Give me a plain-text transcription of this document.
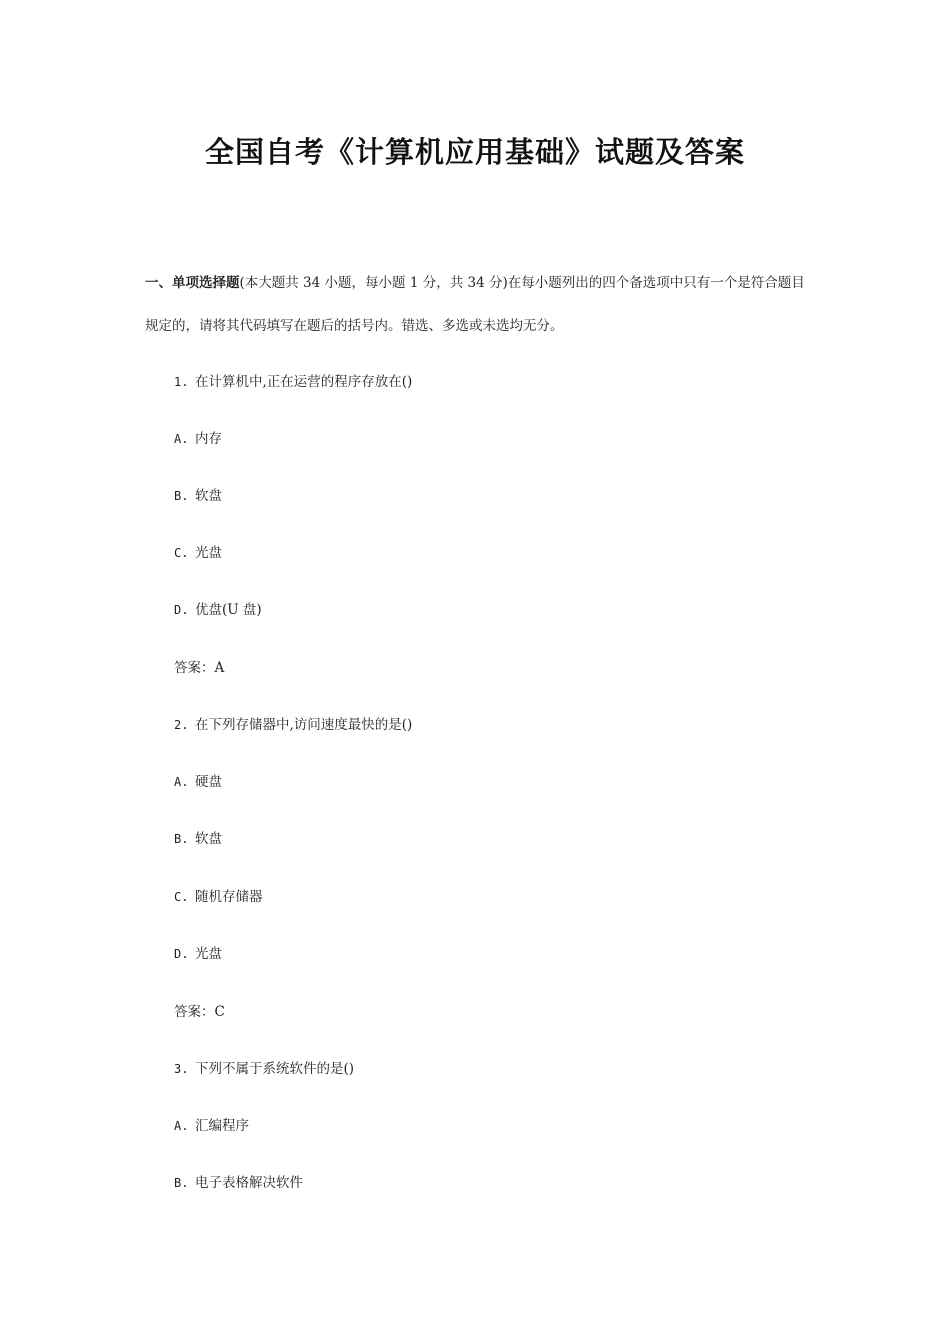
全国自考《计算机应用基础》试题及答案

一、单项选择题(本大题共 34 小题，每小题 1 分，共 34 分)在每小题列出的四个备选项中只有一个是符合题目规定的，请将其代码填写在题后的括号内。错选、多选或未选均无分。

1. 在计算机中,正在运营的程序存放在()

A. 内存

B. 软盘

C. 光盘

D. 优盘(U 盘)

答案：A

2. 在下列存储器中,访问速度最快的是()

A. 硬盘

B. 软盘

C. 随机存储器

D. 光盘

答案：C

3. 下列不属于系统软件的是()

A. 汇编程序

B. 电子表格解决软件
